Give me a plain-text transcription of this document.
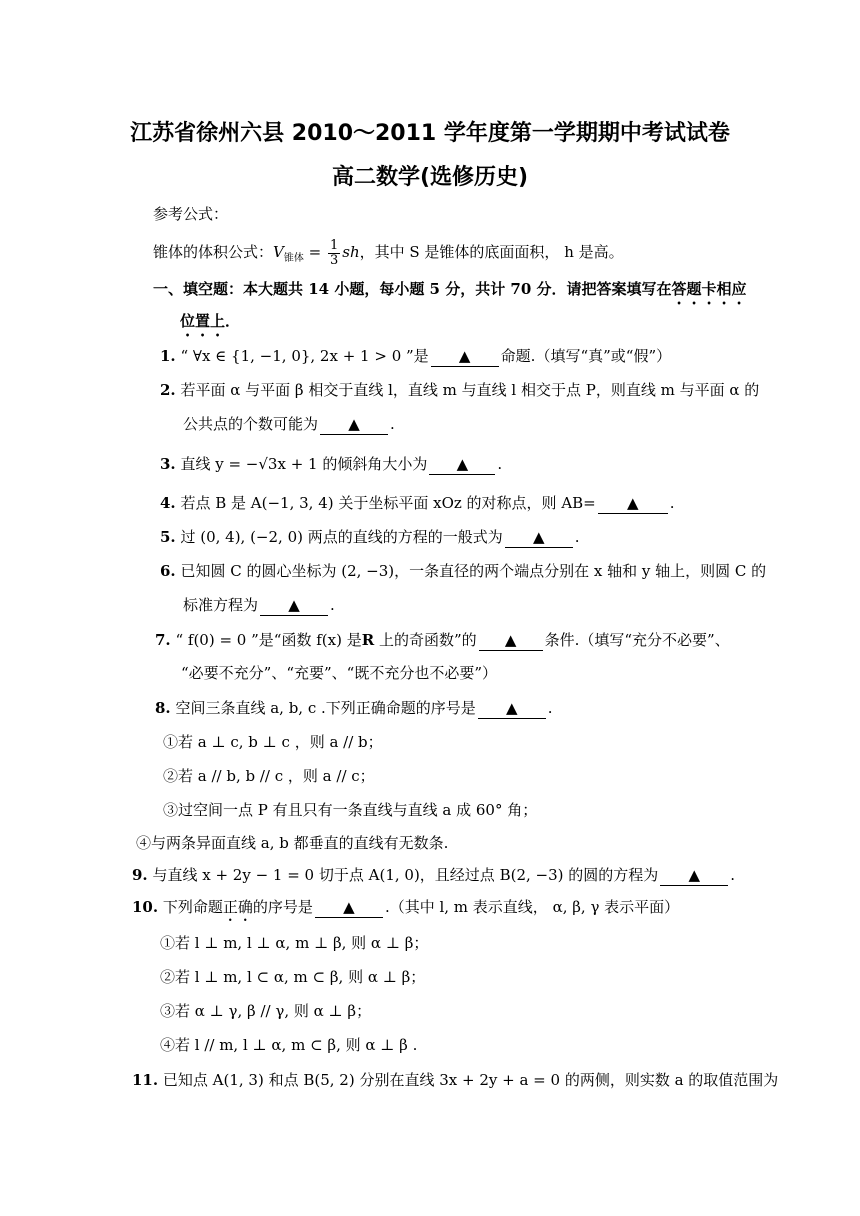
江苏省徐州六县 2010～2011 学年度第一学期期中考试试卷
高二数学(选修历史)
参考公式：
锥体的体积公式：$V_{锥体} = \frac{1}{3}$ sh，其中 S 是锥体的底面面积， h 是高。
一、填空题：本大题共 14 小题，每小题 5 分，共计 70 分．请把答案填写在答题卡相应
位置上．
1. “ ∀x ∈ {1, −1, 0}, 2x + 1 > 0 ”是 ▲ 命题.（填写“真”或“假”）
2. 若平面 α 与平面 β 相交于直线 l，直线 m 与直线 l 相交于点 P，则直线 m 与平面 α 的
公共点的个数可能为 ▲ .
3. 直线 y = −√3x + 1 的倾斜角大小为 ▲ .
4. 若点 B 是 A(−1, 3, 4) 关于坐标平面 xOz 的对称点，则 AB= ▲ .
5. 过 (0, 4), (−2, 0) 两点的直线的方程的一般式为 ▲ .
6. 已知圆 C 的圆心坐标为 (2, −3)，一条直径的两个端点分别在 x 轴和 y 轴上，则圆 C 的
标准方程为 ▲ .
7. “ f(0) = 0 ”是“函数 f(x) 是R 上的奇函数”的 ▲ 条件.（填写“充分不必要”、
“必要不充分”、“充要”、“既不充分也不必要”）
8. 空间三条直线 a, b, c .下列正确命题的序号是 ▲ .
①若 a ⊥ c, b ⊥ c ，则 a // b；
②若 a // b, b // c ，则 a // c；
③过空间一点 P 有且只有一条直线与直线 a 成 60° 角；
④与两条异面直线 a, b 都垂直的直线有无数条.
9. 与直线 x + 2y − 1 = 0 切于点 A(1, 0)，且经过点 B(2, −3) 的圆的方程为 ▲ .
10. 下列命题正确的序号是 ▲ .（其中 l, m 表示直线， α, β, γ 表示平面）
①若 l ⊥ m, l ⊥ α, m ⊥ β, 则 α ⊥ β；
②若 l ⊥ m, l ⊂ α, m ⊂ β, 则 α ⊥ β；
③若 α ⊥ γ, β // γ, 则 α ⊥ β；
④若 l // m, l ⊥ α, m ⊂ β, 则 α ⊥ β .
11. 已知点 A(1, 3) 和点 B(5, 2) 分别在直线 3x + 2y + a = 0 的两侧，则实数 a 的取值范围为
